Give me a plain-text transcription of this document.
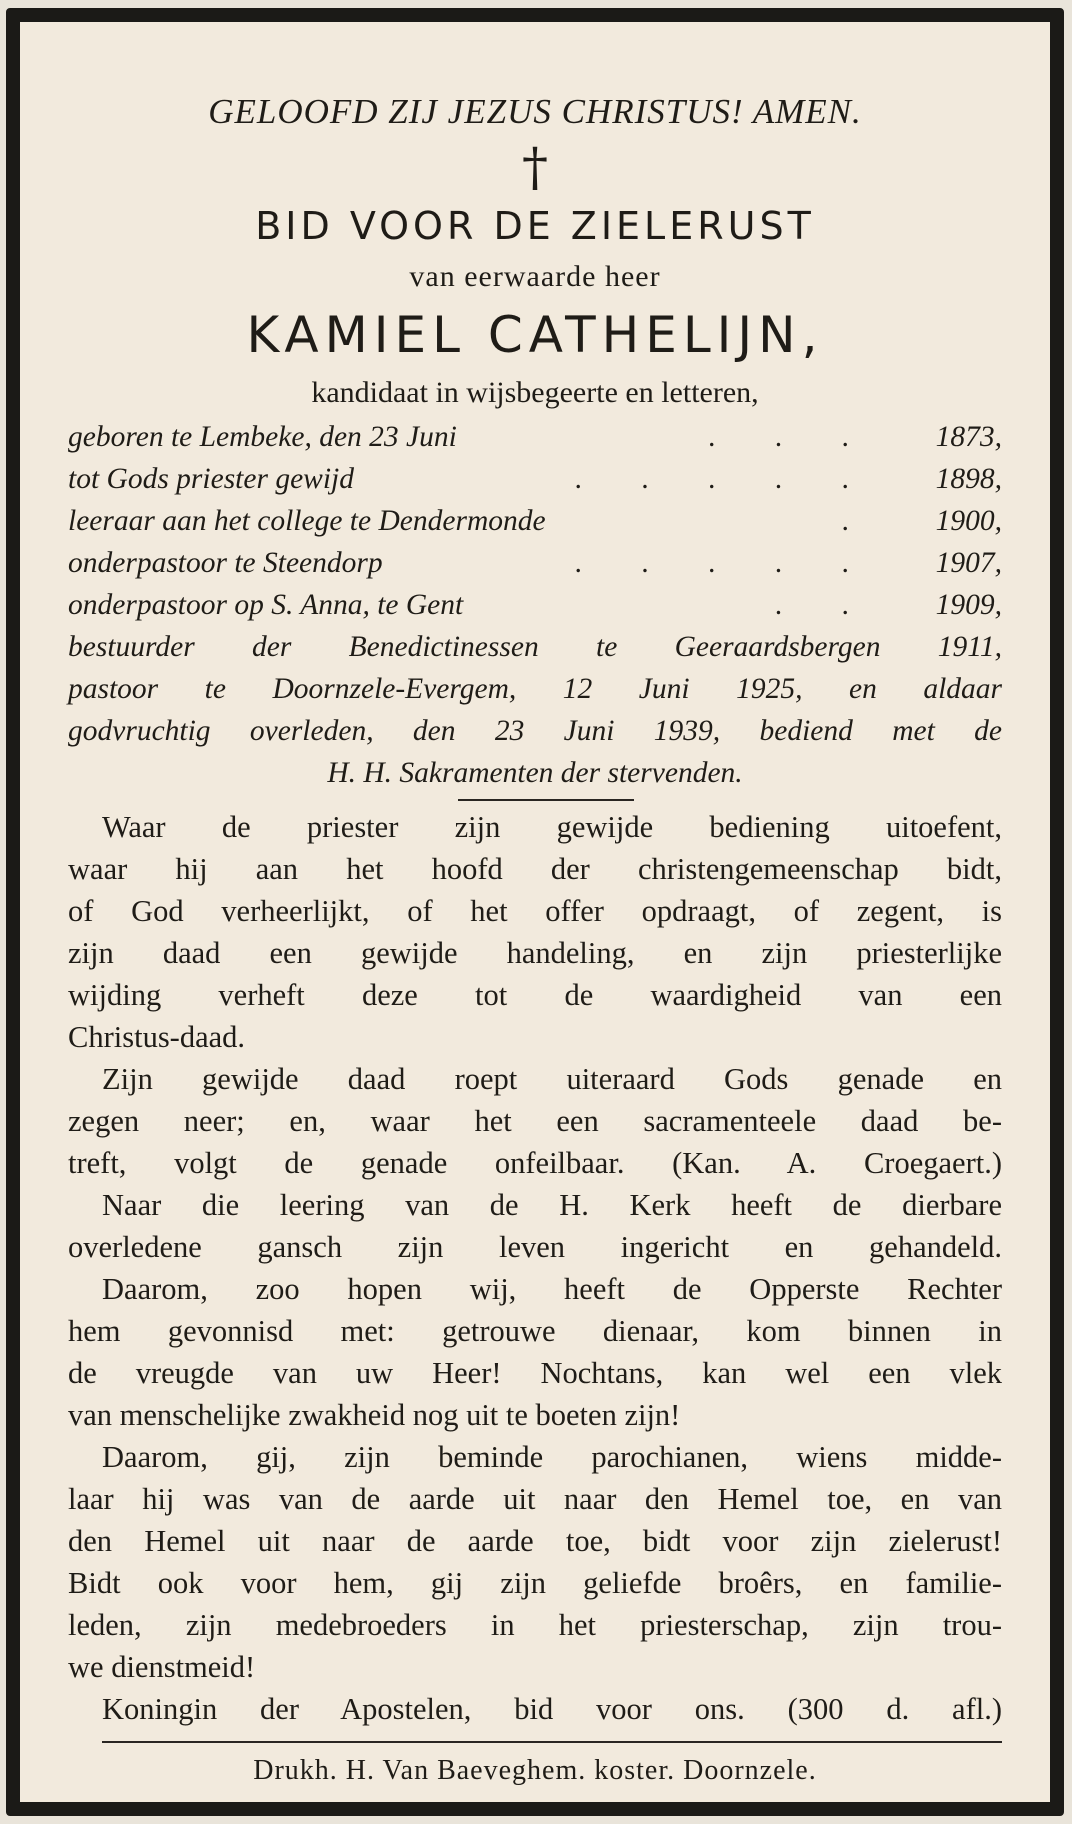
GELOOFD ZIJ JEZUS CHRISTUS! AMEN.
†
BID VOOR DE ZIELERUST
van eerwaarde heer
KAMIEL CATHELIJN,
kandidaat in wijsbegeerte en letteren,
geboren te Lembeke, den 23 Juni	. . .	1873,
tot Gods priester gewijd	. . . . .	1898,
leeraar aan het college te Dendermonde	.	1900,
onderpastoor te Steendorp	. . . . .	1907,
onderpastoor op S. Anna, te Gent	. .	1909,
bestuurder der Benedictinessen te Geeraardsbergen 1911,
pastoor te Doornzele-Evergem, 12 Juni 1925, en aldaar
godvruchtig overleden, den 23 Juni 1939, bediend met de
H. H. Sakramenten der stervenden.
Waar de priester zijn gewijde bediening uitoefent,
waar hij aan het hoofd der christengemeenschap bidt,
of God verheerlijkt, of het offer opdraagt, of zegent, is
zijn daad een gewijde handeling, en zijn priesterlijke
wijding verheft deze tot de waardigheid van een
Christus-daad.
Zijn gewijde daad roept uiteraard Gods genade en
zegen neer; en, waar het een sacramenteele daad be-
treft, volgt de genade onfeilbaar. (Kan. A. Croegaert.)
Naar die leering van de H. Kerk heeft de dierbare
overledene gansch zijn leven ingericht en gehandeld.
Daarom, zoo hopen wij, heeft de Opperste Rechter
hem gevonnisd met: getrouwe dienaar, kom binnen in
de vreugde van uw Heer! Nochtans, kan wel een vlek
van menschelijke zwakheid nog uit te boeten zijn!
Daarom, gij, zijn beminde parochianen, wiens midde-
laar hij was van de aarde uit naar den Hemel toe, en van
den Hemel uit naar de aarde toe, bidt voor zijn zielerust!
Bidt ook voor hem, gij zijn geliefde broêrs, en familie-
leden, zijn medebroeders in het priesterschap, zijn trou-
we dienstmeid!
Koningin der Apostelen, bid voor ons. (300 d. afl.)
Drukh. H. Van Baeveghem. koster. Doornzele.
